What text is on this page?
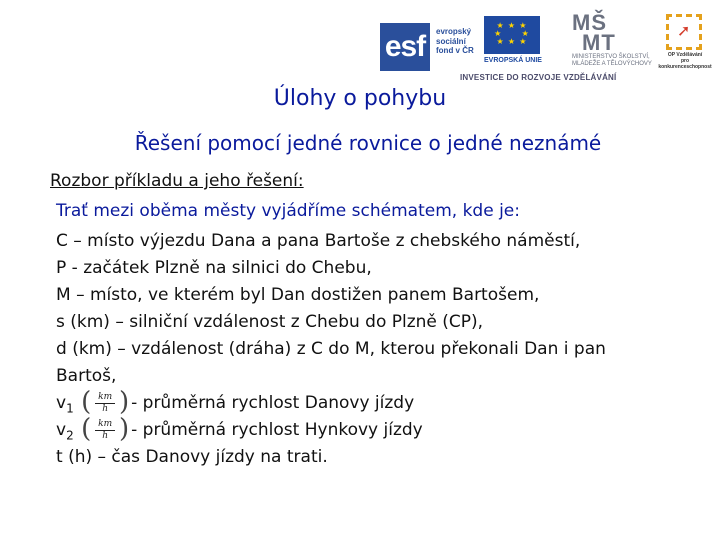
esf	evropský
sociální
fond v ČR
★ ★ ★
★      ★
★ ★ ★
EVROPSKÁ UNIE
MŠ
MT
MINISTERSTVO ŠKOLSTVÍ,
MLÁDEŽE A TĚLOVÝCHOVY
➚
OP Vzdělávání
pro konkurenceschopnost
INVESTICE DO ROZVOJE VZDĚLÁVÁNÍ
Úlohy o pohybu
Řešení pomocí jedné rovnice o jedné neznámé
Rozbor příkladu a jeho řešení:
Trať mezi oběma městy vyjádříme schématem, kde je:
C – místo výjezdu Dana a pana Bartoše z chebského náměstí,
P - začátek Plzně na silnici do Chebu,
M – místo, ve kterém byl Dan dostižen panem Bartošem,
s (km) – silniční vzdálenost z Chebu do Plzně (CP),
d (km) – vzdálenost (dráha) z C do M, kterou překonali Dan i pan
Bartoš,
$v_1$ ( km
h ) - průměrná rychlost Danovy jízdy
$v_2$ ( km
h ) - průměrná rychlost Hynkovy jízdy
t (h) – čas Danovy jízdy na trati.
